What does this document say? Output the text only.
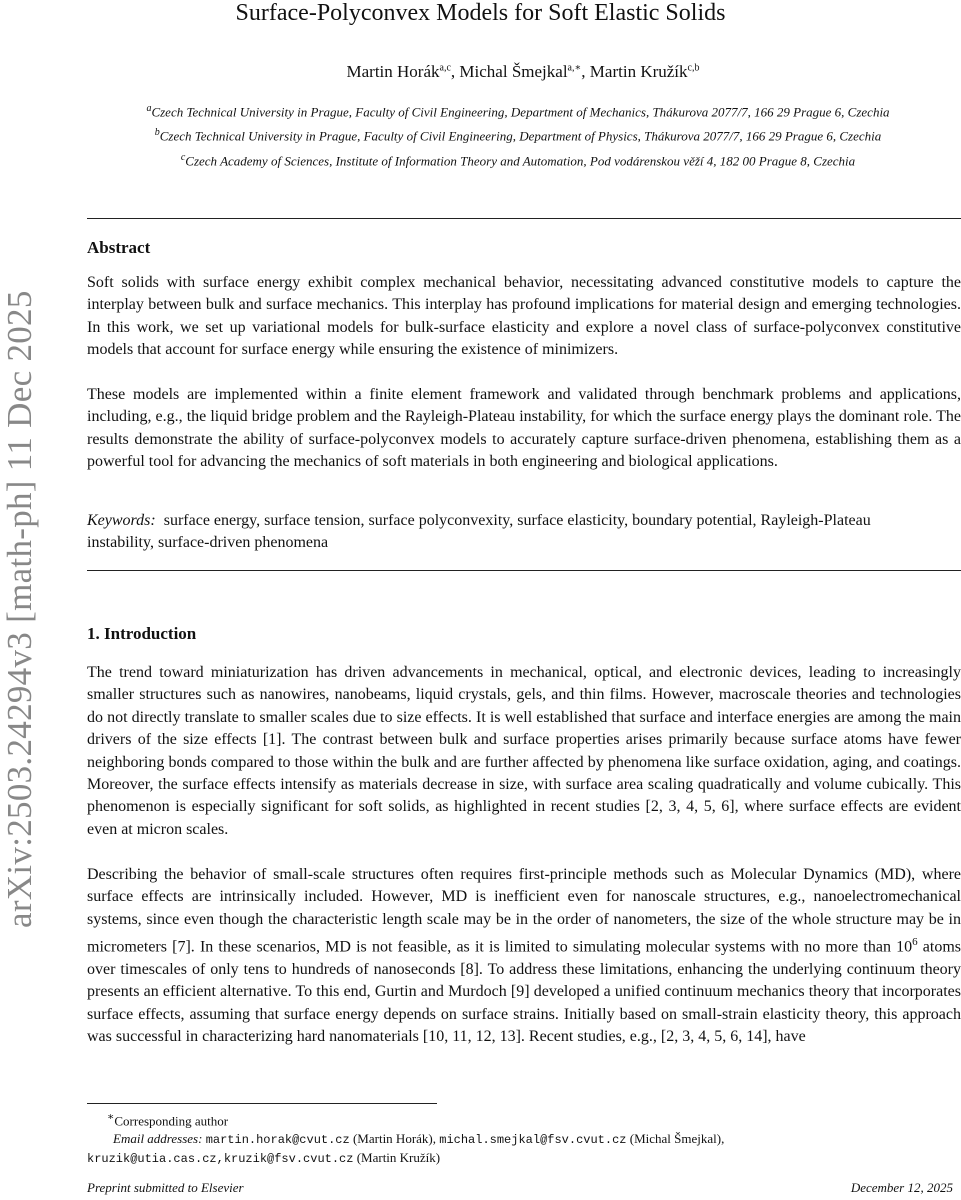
Surface-Polyconvex Models for Soft Elastic Solids
Martin Horák$^{a,c}$, Michal Šmejkal$^{a,∗}$, Martin Kružík$^{c,b}$
$^a$Czech Technical University in Prague, Faculty of Civil Engineering, Department of Mechanics, Thákurova 2077/7, 166 29 Prague 6, Czechia
$^b$Czech Technical University in Prague, Faculty of Civil Engineering, Department of Physics, Thákurova 2077/7, 166 29 Prague 6, Czechia
$^c$Czech Academy of Sciences, Institute of Information Theory and Automation, Pod vodárenskou věží 4, 182 00 Prague 8, Czechia
arXiv:2503.24294v3 [math-ph] 11 Dec 2025
Abstract
Soft solids with surface energy exhibit complex mechanical behavior, necessitating advanced constitutive models to capture the interplay between bulk and surface mechanics. This interplay has profound implications for material design and emerging technologies. In this work, we set up variational models for bulk-surface elasticity and explore a novel class of surface-polyconvex constitutive models that account for surface energy while ensuring the existence of minimizers.
These models are implemented within a finite element framework and validated through benchmark problems and applications, including, e.g., the liquid bridge problem and the Rayleigh-Plateau instability, for which the surface energy plays the dominant role. The results demonstrate the ability of surface-polyconvex models to accurately capture surface-driven phenomena, establishing them as a powerful tool for advancing the mechanics of soft materials in both engineering and biological applications.
Keywords: surface energy, surface tension, surface polyconvexity, surface elasticity, boundary potential, Rayleigh-Plateau instability, surface-driven phenomena
1. Introduction
The trend toward miniaturization has driven advancements in mechanical, optical, and electronic devices, leading to increasingly smaller structures such as nanowires, nanobeams, liquid crystals, gels, and thin films. However, macroscale theories and technologies do not directly translate to smaller scales due to size effects. It is well established that surface and interface energies are among the main drivers of the size effects [1]. The contrast between bulk and surface properties arises primarily because surface atoms have fewer neighboring bonds compared to those within the bulk and are further affected by phenomena like surface oxidation, aging, and coatings. Moreover, the surface effects intensify as materials decrease in size, with surface area scaling quadratically and volume cubically. This phenomenon is especially significant for soft solids, as highlighted in recent studies [2, 3, 4, 5, 6], where surface effects are evident even at micron scales.
Describing the behavior of small-scale structures often requires first-principle methods such as Molecular Dynamics (MD), where surface effects are intrinsically included. However, MD is inefficient even for nanoscale structures, e.g., nanoelectromechanical systems, since even though the characteristic length scale may be in the order of nanometers, the size of the whole structure may be in micrometers [7]. In these scenarios, MD is not feasible, as it is limited to simulating molecular systems with no more than $10^6$ atoms over timescales of only tens to hundreds of nanoseconds [8]. To address these limitations, enhancing the underlying continuum theory presents an efficient alternative. To this end, Gurtin and Murdoch [9] developed a unified continuum mechanics theory that incorporates surface effects, assuming that surface energy depends on surface strains. Initially based on small-strain elasticity theory, this approach was successful in characterizing hard nanomaterials [10, 11, 12, 13]. Recent studies, e.g., [2, 3, 4, 5, 6, 14], have
∗Corresponding author
Email addresses: martin.horak@cvut.cz (Martin Horák), michal.smejkal@fsv.cvut.cz (Michal Šmejkal),
kruzik@utia.cas.cz,kruzik@fsv.cvut.cz (Martin Kružík)
Preprint submitted to Elsevier	December 12, 2025
